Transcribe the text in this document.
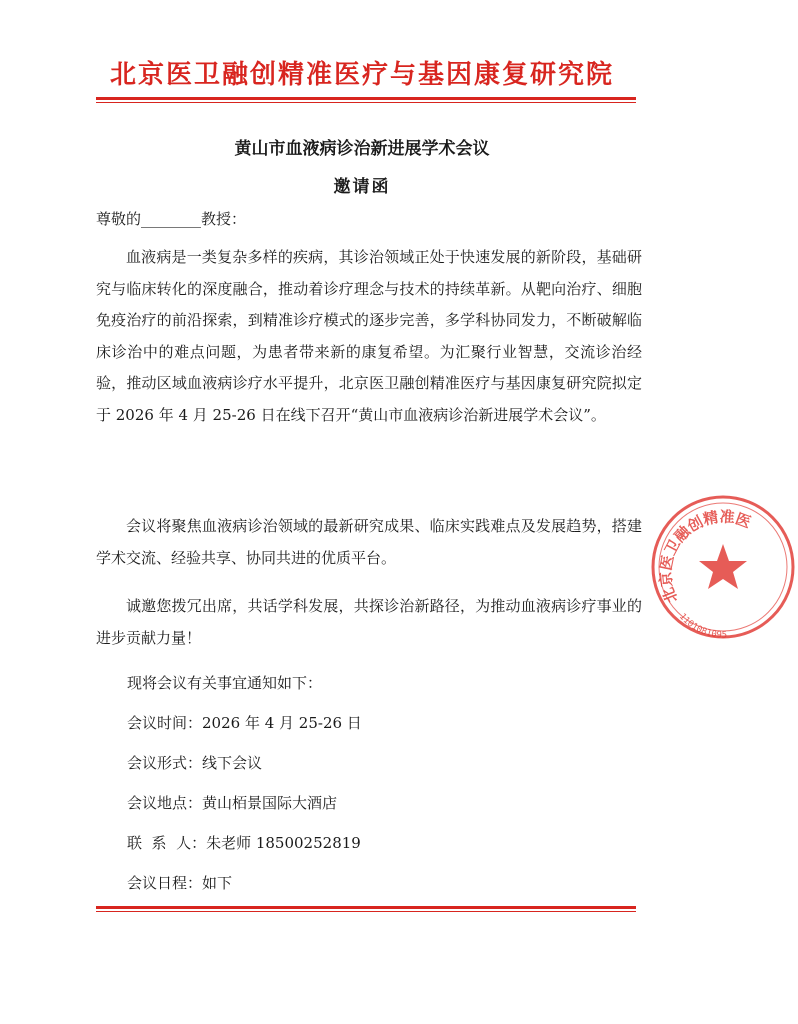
北京医卫融创精准医疗与基因康复研究院
黄山市血液病诊治新进展学术会议
邀请函
尊敬的________教授：

血液病是一类复杂多样的疾病，其诊治领域正处于快速发展的新阶段，基础研究与临床转化的深度融合，推动着诊疗理念与技术的持续革新。从靶向治疗、细胞免疫治疗的前沿探索，到精准诊疗模式的逐步完善，多学科协同发力，不断破解临床诊治中的难点问题，为患者带来新的康复希望。为汇聚行业智慧，交流诊治经验，推动区域血液病诊疗水平提升，北京医卫融创精准医疗与基因康复研究院拟定于 2026 年 4 月 25-26 日在线下召开“黄山市血液病诊治新进展学术会议”。

会议将聚焦血液病诊治领域的最新研究成果、临床实践难点及发展趋势，搭建学术交流、经验共享、协同共进的优质平台。

诚邀您拨冗出席，共话学科发展，共探诊治新路径，为推动血液病诊疗事业的进步贡献力量！

现将会议有关事宜通知如下：
会议时间：2026 年 4 月 25-26 日
会议形式：线下会议
会议地点：黄山栢景国际大酒店
联  系  人：朱老师 18500252819
会议日程：如下
北京医卫融创精准医
1101081095
